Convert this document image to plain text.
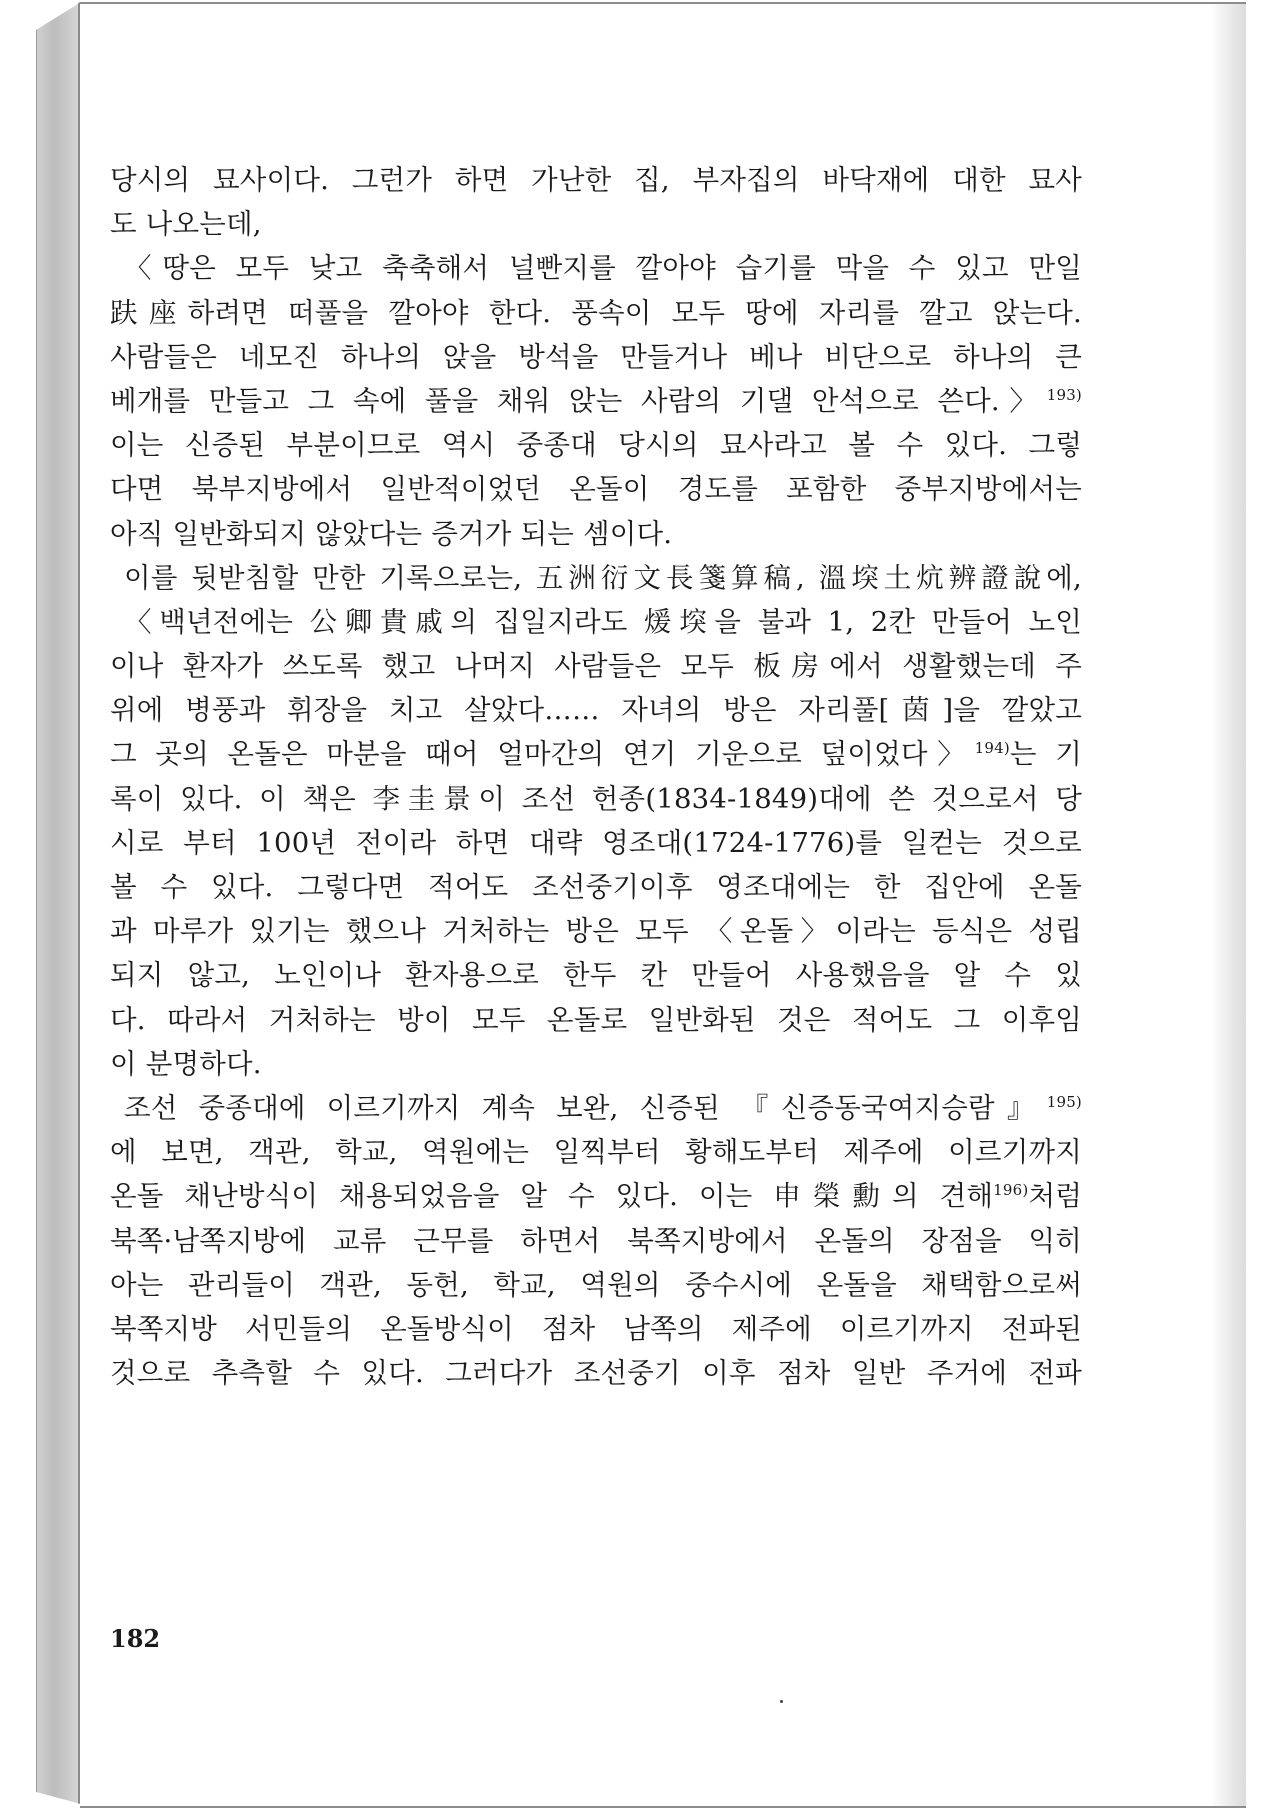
당시의 묘사이다. 그런가 하면 가난한 집, 부자집의 바닥재에 대한 묘사
도 나오는데,
〈땅은 모두 낮고 축축해서 널빤지를 깔아야 습기를 막을 수 있고 만일
趺座하려면 떠풀을 깔아야 한다. 풍속이 모두 땅에 자리를 깔고 앉는다.
사람들은 네모진 하나의 앉을 방석을 만들거나 베나 비단으로 하나의 큰
베개를 만들고 그 속에 풀을 채워 앉는 사람의 기댈 안석으로 쓴다.〉$^{193)}$
이는 신증된 부분이므로 역시 중종대 당시의 묘사라고 볼 수 있다. 그렇
다면 북부지방에서 일반적이었던 온돌이 경도를 포함한 중부지방에서는
아직 일반화되지 않았다는 증거가 되는 셈이다.
이를 뒷받침할 만한 기록으로는, 五洲衍文長箋算稿, 溫堗土炕辨證說에,
〈백년전에는 公卿貴戚의 집일지라도 煖堗을 불과 1, 2칸 만들어 노인
이나 환자가 쓰도록 했고 나머지 사람들은 모두 板房에서 생활했는데 주
위에 병풍과 휘장을 치고 살았다…… 자녀의 방은 자리풀[茵]을 깔았고
그 곳의 온돌은 마분을 때어 얼마간의 연기 기운으로 덮이었다〉$^{194)}$는 기
록이 있다. 이 책은 李圭景이 조선 헌종(1834-1849)대에 쓴 것으로서 당
시로 부터 100년 전이라 하면 대략 영조대(1724-1776)를 일컫는 것으로
볼 수 있다. 그렇다면 적어도 조선중기이후 영조대에는 한 집안에 온돌
과 마루가 있기는 했으나 거처하는 방은 모두 〈온돌〉이라는 등식은 성립
되지 않고, 노인이나 환자용으로 한두 칸 만들어 사용했음을 알 수 있
다. 따라서 거처하는 방이 모두 온돌로 일반화된 것은 적어도 그 이후임
이 분명하다.
조선 중종대에 이르기까지 계속 보완, 신증된 『신증동국여지승람』$^{195)}$
에 보면, 객관, 학교, 역원에는 일찍부터 황해도부터 제주에 이르기까지
온돌 채난방식이 채용되었음을 알 수 있다. 이는 申榮勳의 견해$^{196)}$처럼
북쪽·남쪽지방에 교류 근무를 하면서 북쪽지방에서 온돌의 장점을 익히
아는 관리들이 객관, 동헌, 학교, 역원의 중수시에 온돌을 채택함으로써
북쪽지방 서민들의 온돌방식이 점차 남쪽의 제주에 이르기까지 전파된
것으로 추측할 수 있다. 그러다가 조선중기 이후 점차 일반 주거에 전파
182
